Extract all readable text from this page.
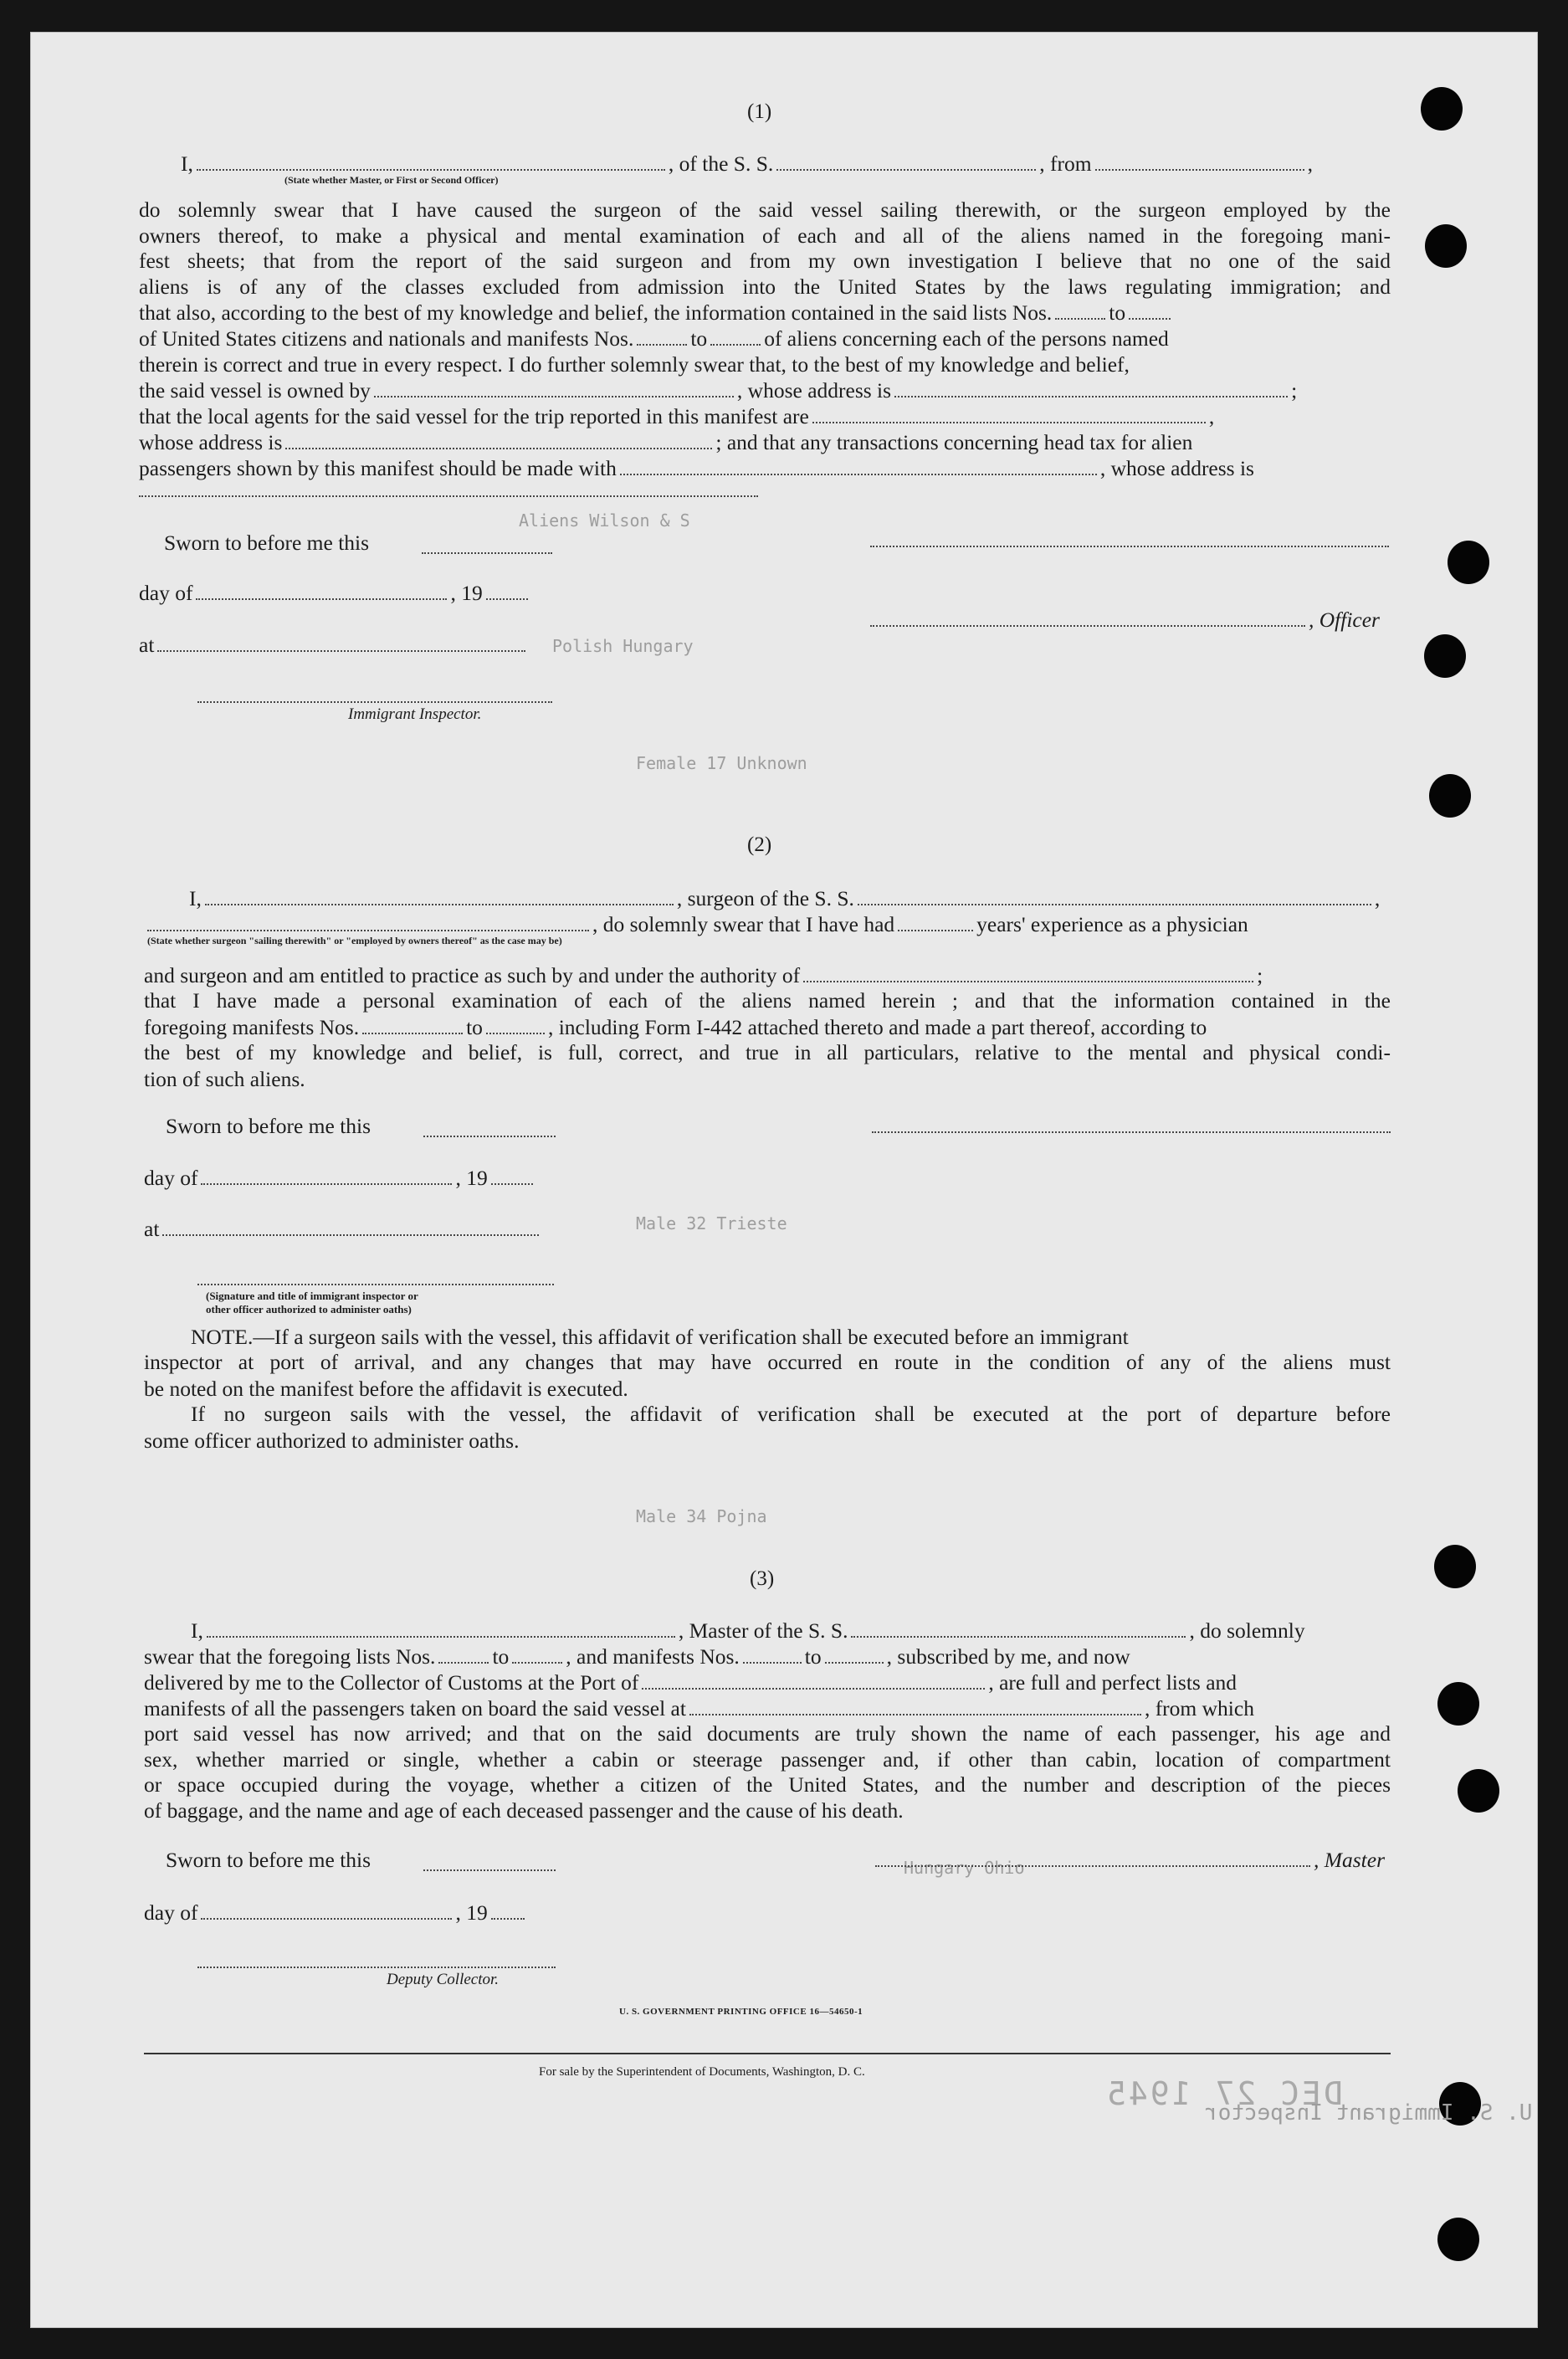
Aliens Wilson & S
Polish Hungary
Female 17 Unknown
Male 32 Trieste
Male 34 Pojna
Hungary Ohio
DEC 27 1945
U. S. Immigrant Inspector
(1)
I,	, of the S. S.	, from	,
(State whether Master, or First or Second Officer)
do solemnly swear that I have caused the surgeon of the said vessel sailing therewith, or the surgeon employed by the
owners thereof, to make a physical and mental examination of each and all of the aliens named in the foregoing mani-
fest sheets; that from the report of the said surgeon and from my own investigation I believe that no one of the said
aliens is of any of the classes excluded from admission into the United States by the laws regulating immigration; and
that also, according to the best of my knowledge and belief, the information contained in the said lists Nos.	to
of United States citizens and nationals and manifests Nos.	to	of aliens concerning each of the persons named
therein is correct and true in every respect. I do further solemnly swear that, to the best of my knowledge and belief,
the said vessel is owned by	, whose address is	;
that the local agents for the said vessel for the trip reported in this manifest are	,
whose address is	; and that any transactions concerning head tax for alien
passengers shown by this manifest should be made with	, whose address is
Sworn to before me this
day of	, 19
, Officer
at
Immigrant Inspector.
(2)
I,	, surgeon of the S. S.	,
, do solemnly swear that I have had	years' experience as a physician
(State whether surgeon "sailing therewith" or "employed by owners thereof" as the case may be)
and surgeon and am entitled to practice as such by and under the authority of	;
that I have made a personal examination of each of the aliens named herein ; and that the information contained in the
foregoing manifests Nos.	to	, including Form I-442 attached thereto and made a part thereof, according to
the best of my knowledge and belief, is full, correct, and true in all particulars, relative to the mental and physical condi-
tion of such aliens.
Sworn to before me this
day of	, 19
at
(Signature and title of immigrant inspector or
other officer authorized to administer oaths)
NOTE.—If a surgeon sails with the vessel, this affidavit of verification shall be executed before an immigrant
inspector at port of arrival, and any changes that may have occurred en route in the condition of any of the aliens must
be noted on the manifest before the affidavit is executed.
If no surgeon sails with the vessel, the affidavit of verification shall be executed at the port of departure before
some officer authorized to administer oaths.
(3)
I,	, Master of the S. S.	, do solemnly
swear that the foregoing lists Nos.	to	, and manifests Nos.	to	, subscribed by me, and now
delivered by me to the Collector of Customs at the Port of	, are full and perfect lists and
manifests of all the passengers taken on board the said vessel at	, from which
port said vessel has now arrived; and that on the said documents are truly shown the name of each passenger, his age and
sex, whether married or single, whether a cabin or steerage passenger and, if other than cabin, location of compartment
or space occupied during the voyage, whether a citizen of the United States, and the number and description of the pieces
of baggage, and the name and age of each deceased passenger and the cause of his death.
Sworn to before me this	, Master
day of	, 19
Deputy Collector.
U. S. GOVERNMENT PRINTING OFFICE 16—54650-1
For sale by the Superintendent of Documents, Washington, D. C.
